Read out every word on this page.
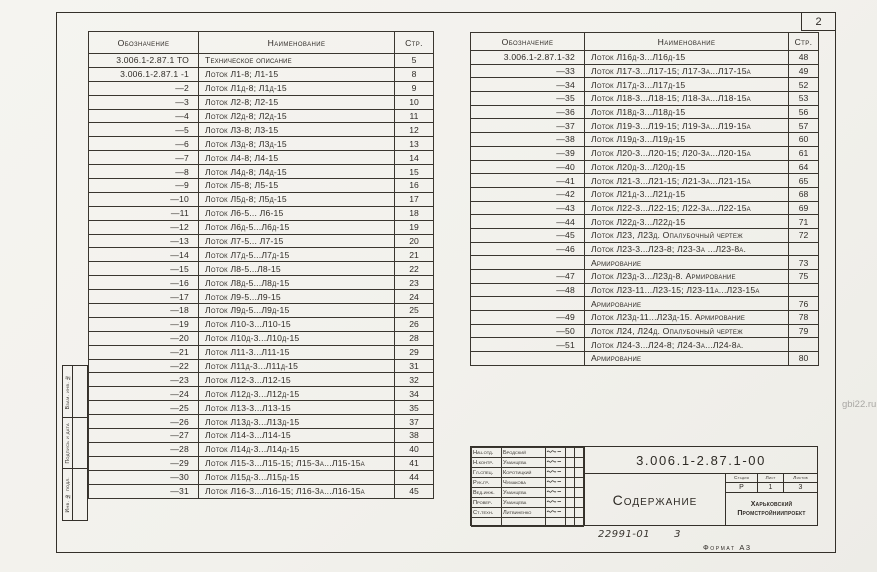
2
Обозначение	Наименование	Стр.
3.006.1-2.87.1 ТО	Техническое описание	5
3.006.1-2.87.1 -1	Лоток Л1-8; Л1-15	8
—2	Лоток Л1д-8; Л1д-15	9
—3	Лоток Л2-8; Л2-15	10
—4	Лоток Л2д-8; Л2д-15	11
—5	Лоток Л3-8; Л3-15	12
—6	Лоток Л3д-8; Л3д-15	13
—7	Лоток Л4-8; Л4-15	14
—8	Лоток Л4д-8; Л4д-15	15
—9	Лоток Л5-8; Л5-15	16
—10	Лоток Л5д-8; Л5д-15	17
—11	Лоток Л6-5... Л6-15	18
—12	Лоток Л6д-5...Л6д-15	19
—13	Лоток Л7-5... Л7-15	20
—14	Лоток Л7д-5...Л7д-15	21
—15	Лоток Л8-5...Л8-15	22
—16	Лоток Л8д-5...Л8д-15	23
—17	Лоток Л9-5...Л9-15	24
—18	Лоток Л9д-5...Л9д-15	25
—19	Лоток Л10-3...Л10-15	26
—20	Лоток Л10д-3...Л10д-15	28
—21	Лоток Л11-3...Л11-15	29
—22	Лоток Л11д-3...Л11д-15	31
—23	Лоток Л12-3...Л12-15	32
—24	Лоток Л12д-3...Л12д-15	34
—25	Лоток Л13-3...Л13-15	35
—26	Лоток Л13д-3...Л13д-15	37
—27	Лоток Л14-3...Л14-15	38
—28	Лоток Л14д-3...Л14д-15	40
—29	Лоток Л15-3...Л15-15; Л15-3а...Л15-15а	41
—30	Лоток Л15д-3...Л15д-15	44
—31	Лоток Л16-3...Л16-15; Л16-3а...Л16-15а	45
Обозначение	Наименование	Стр.
3.006.1-2.87.1-32	Лоток Л16д-3...Л16д-15	48
—33	Лоток Л17-3...Л17-15; Л17-3а...Л17-15а	49
—34	Лоток Л17д-3...Л17д-15	52
—35	Лоток Л18-3...Л18-15; Л18-3а...Л18-15а	53
—36	Лоток Л18д-3...Л18д-15	56
—37	Лоток Л19-3...Л19-15; Л19-3а...Л19-15а	57
—38	Лоток Л19д-3...Л19д-15	60
—39	Лоток Л20-3...Л20-15; Л20-3а...Л20-15а	61
—40	Лоток Л20д-3...Л20д-15	64
—41	Лоток Л21-3...Л21-15; Л21-3а...Л21-15а	65
—42	Лоток Л21д-3...Л21д-15	68
—43	Лоток Л22-3...Л22-15; Л22-3а...Л22-15а	69
—44	Лоток Л22д-3...Л22д-15	71
—45	Лоток Л23, Л23д. Опалубочный чертеж	72
—46	Лоток Л23-3...Л23-8; Л23-3а ...Л23-8а.	
	Армирование	73
—47	Лоток Л23д-3...Л23д-8. Армирование	75
—48	Лоток Л23-11...Л23-15; Л23-11а...Л23-15а	
	Армирование	76
—49	Лоток Л23д-11...Л23д-15. Армирование	78
—50	Лоток Л24, Л24д. Опалубочный чертеж	79
—51	Лоток Л24-3...Л24-8; Л24-3а...Л24-8а.	
	Армирование	80
Взам. инв. №
Подпись и дата
Инв. № подл.
Нач.отд.	Бродский			
Н.контр.	Уманцева			
Гл.спец.	Коротицкий			
Рук.гр.	Чумакова			
Вед.инж.	Уманцева			
Провер.	Уманцева			
Ст.техн.	Литвиненко			

3.006.1-2.87.1-00
Содержание
Стадия	Лист	Листов
Р	1	3
Харьковский
Промстройниипроект
22991-01 3
Формат А3
gbi22.ru
